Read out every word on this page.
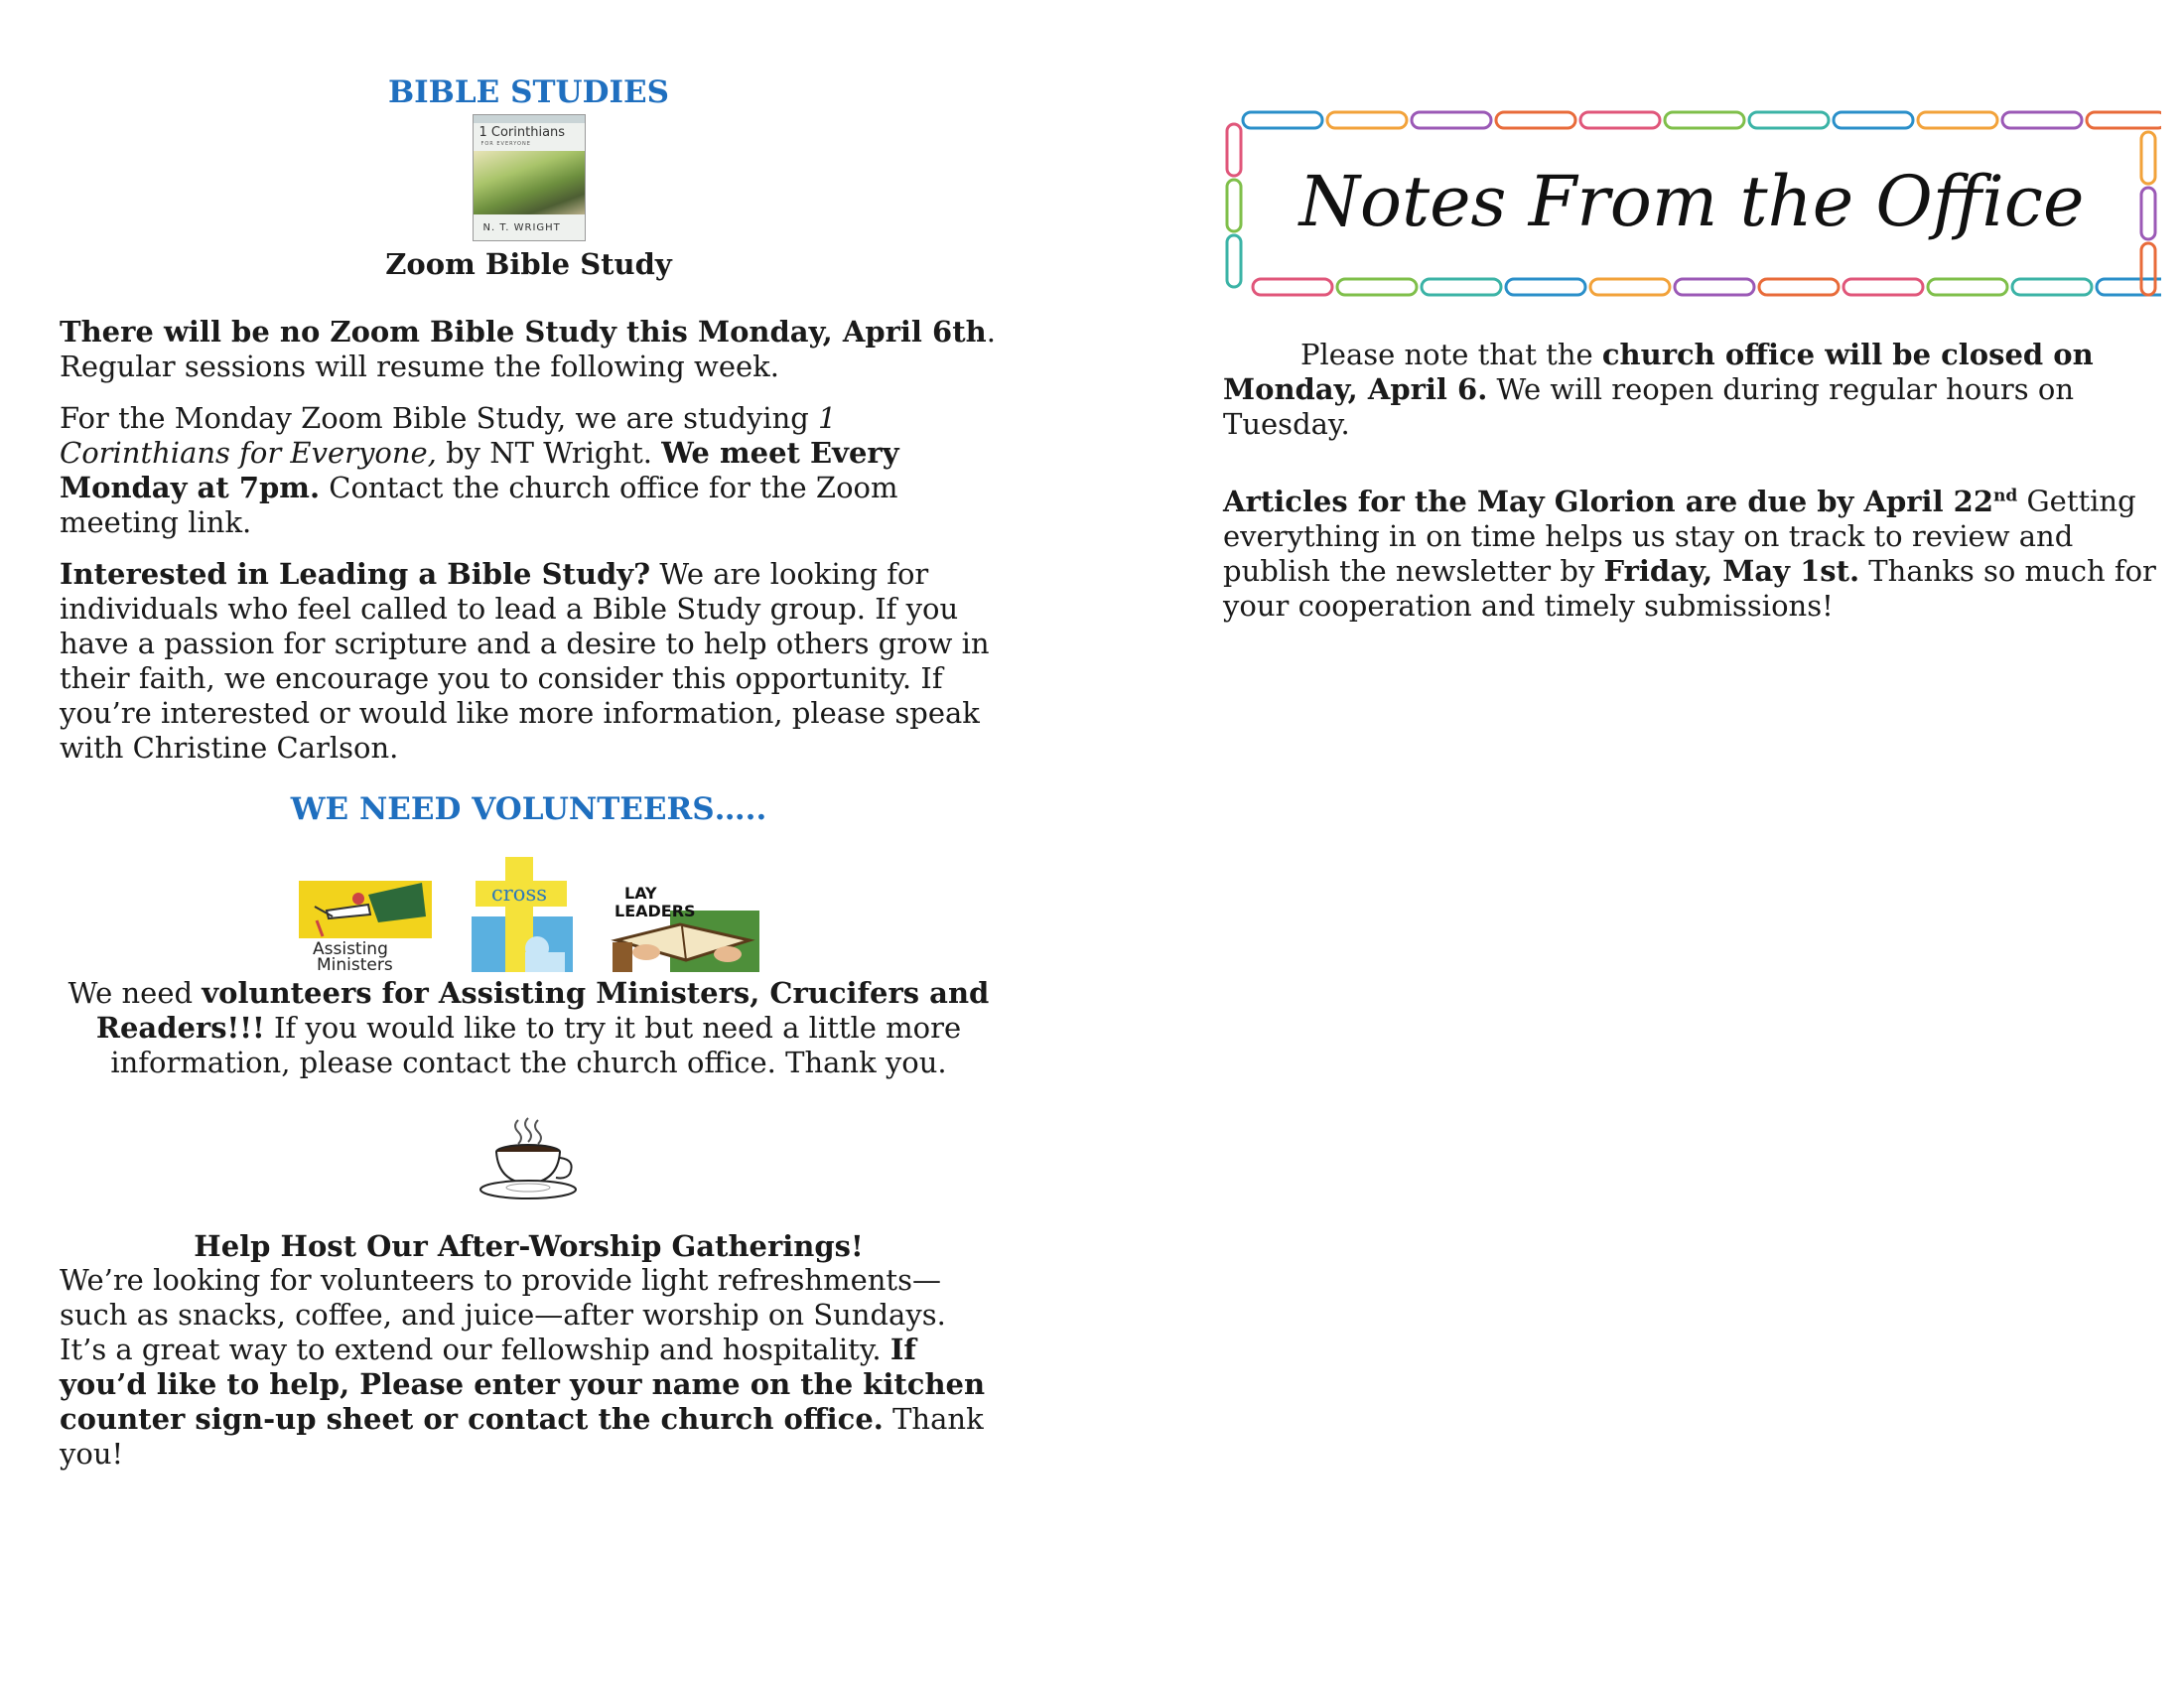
BIBLE STUDIES
1 Corinthians
FOR EVERYONE
N. T. WRIGHT
Zoom Bible Study

There will be no Zoom Bible Study this Monday, April 6th. Regular sessions will resume the following week.

For the Monday Zoom Bible Study, we are studying 1 Corinthians for Everyone, by NT Wright. We meet Every Monday at 7pm. Contact the church office for the Zoom meeting link.

Interested in Leading a Bible Study? We are looking for individuals who feel called to lead a Bible Study group. If you have a passion for scripture and a desire to help others grow in their faith, we encourage you to consider this opportunity. If you’re interested or would like more information, please speak with Christine Carlson.

WE NEED VOLUNTEERS…..
Assisting
Ministers
cross	LAY
LEADERS

We need volunteers for Assisting Ministers, Crucifers and Readers!!! If you would like to try it but need a little more information, please contact the church office. Thank you.

Help Host Our After-Worship Gatherings!

We’re looking for volunteers to provide light refreshments—such as snacks, coffee, and juice—after worship on Sundays. It’s a great way to extend our fellowship and hospitality. If you’d like to help, Please enter your name on the kitchen counter sign-up sheet or contact the church office. Thank you!

Notes From the Office

Please note that the church office will be closed on Monday, April 6. We will reopen during regular hours on Tuesday.

Articles for the May Glorion are due by April 22nd Getting everything in on time helps us stay on track to review and publish the newsletter by Friday, May 1st. Thanks so much for your cooperation and timely submissions!
